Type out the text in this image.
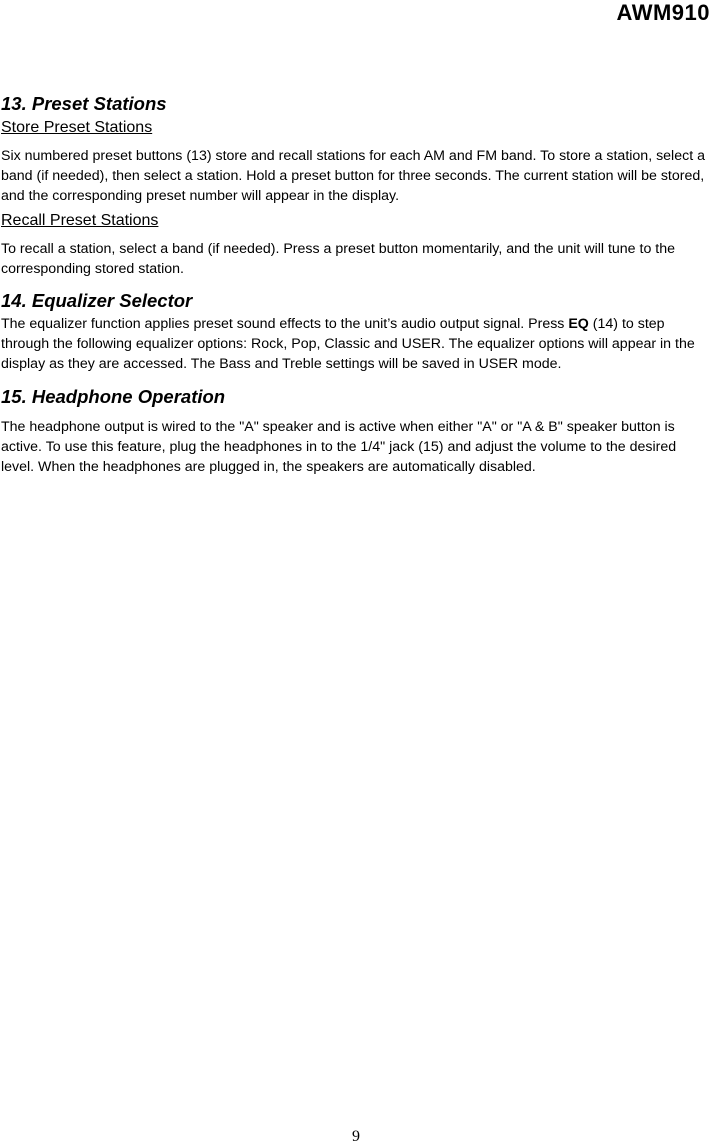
AWM910
13. Preset Stations
Store Preset Stations

Six numbered preset buttons (13) store and recall stations for each AM and FM band. To store a station, select a band (if needed), then select a station. Hold a preset button for three seconds. The current station will be stored, and the corresponding preset number will appear in the display.

Recall Preset Stations

To recall a station, select a band (if needed). Press a preset button momentarily, and the unit will tune to the corresponding stored station.

14. Equalizer Selector

The equalizer function applies preset sound effects to the unit’s audio output signal. Press EQ (14) to step through the following equalizer options: Rock, Pop, Classic and USER. The equalizer options will appear in the display as they are accessed. The Bass and Treble settings will be saved in USER mode.

15. Headphone Operation

The headphone output is wired to the "A" speaker and is active when either "A" or "A & B" speaker button is active. To use this feature, plug the headphones in to the 1/4" jack (15) and adjust the volume to the desired level. When the headphones are plugged in, the speakers are automatically disabled.

9
